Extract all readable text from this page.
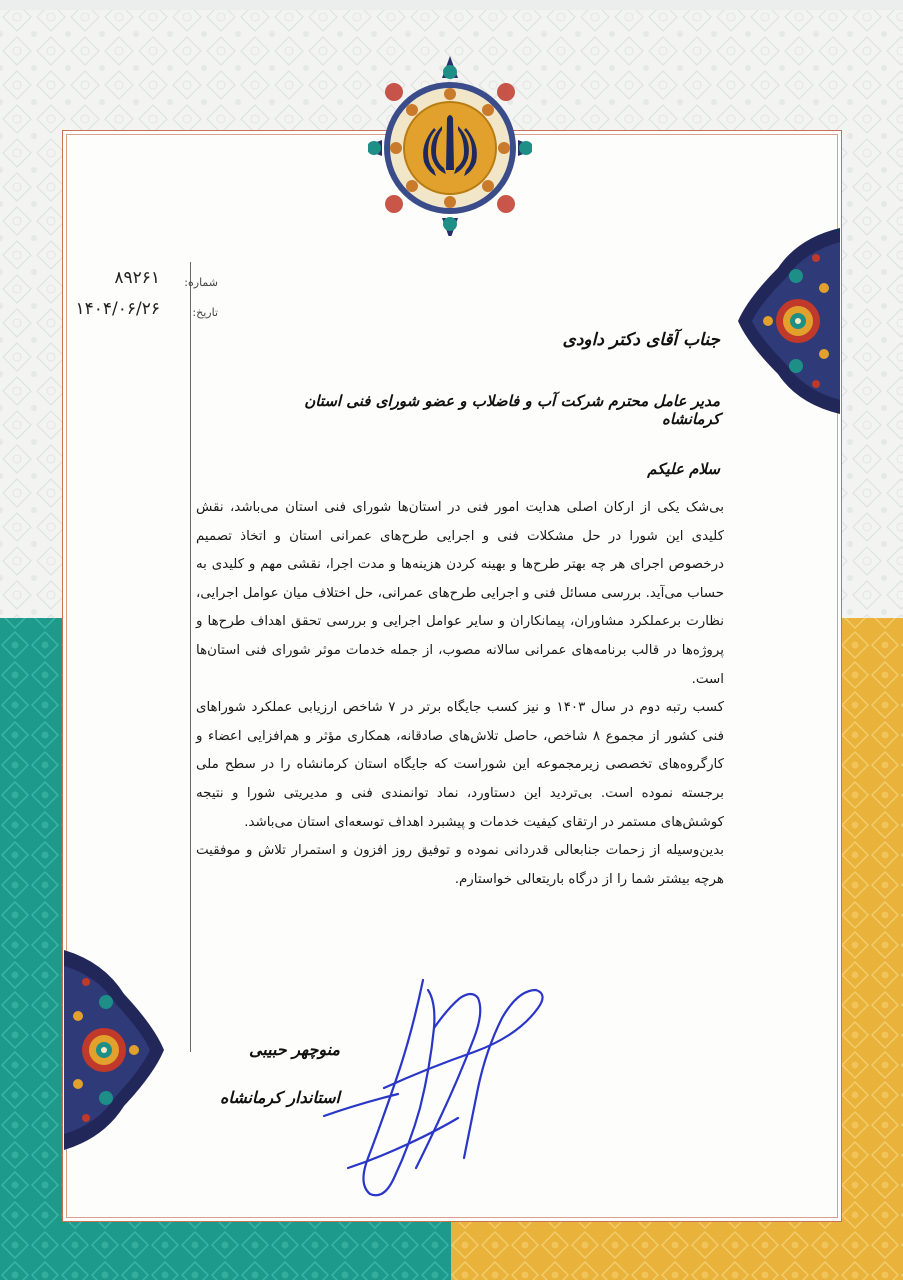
شماره:
۸۹۲۶۱
تاریخ:
۱۴۰۴/۰۶/۲۶
جناب آقای دکتر داودی
مدیر عامل محترم شرکت آب و فاضلاب و عضو شورای فنی استان کرمانشاه
سلام علیکم

بی‌شک یکی از ارکان اصلی هدایت امور فنی در استان‌ها شورای فنی استان می‌باشد، نقش کلیدی این شورا در حل مشکلات فنی و اجرایی طرح‌های عمرانی استان و اتخاذ تصمیم درخصوص اجرای هر چه بهتر طرح‌ها و بهینه کردن هزینه‌ها و مدت اجرا، نقشی مهم و کلیدی به حساب می‌آید. بررسی مسائل فنی و اجرایی طرح‌های عمرانی، حل اختلاف میان عوامل اجرایی، نظارت برعملکرد مشاوران، پیمانکاران و سایر عوامل اجرایی و بررسی تحقق اهداف طرح‌ها و پروژه‌ها در قالب برنامه‌های عمرانی سالانه مصوب، از جمله خدمات موثر شورای فنی استان‌ها است.

کسب رتبه دوم در سال ۱۴۰۳ و نیز کسب جایگاه برتر در ۷ شاخص ارزیابی عملکرد شوراهای فنی کشور از مجموع ۸ شاخص، حاصل تلاش‌های صادقانه، همکاری مؤثر و هم‌افزایی اعضاء و کارگروه‌های تخصصی زیرمجموعه این شوراست که جایگاه استان کرمانشاه را در سطح ملی برجسته نموده است. بی‌تردید این دستاورد، نماد توانمندی فنی و مدیریتی شورا و نتیجه کوشش‌های مستمر در ارتقای کیفیت خدمات و پیشبرد اهداف توسعه‌ای استان می‌باشد.

بدین‌وسیله از زحمات جنابعالی قدردانی نموده و توفیق روز افزون و استمرار تلاش و موفقیت هرچه بیشتر شما را از درگاه باریتعالی خواستارم.

منوچهر حبیبی
استاندار کرمانشاه
